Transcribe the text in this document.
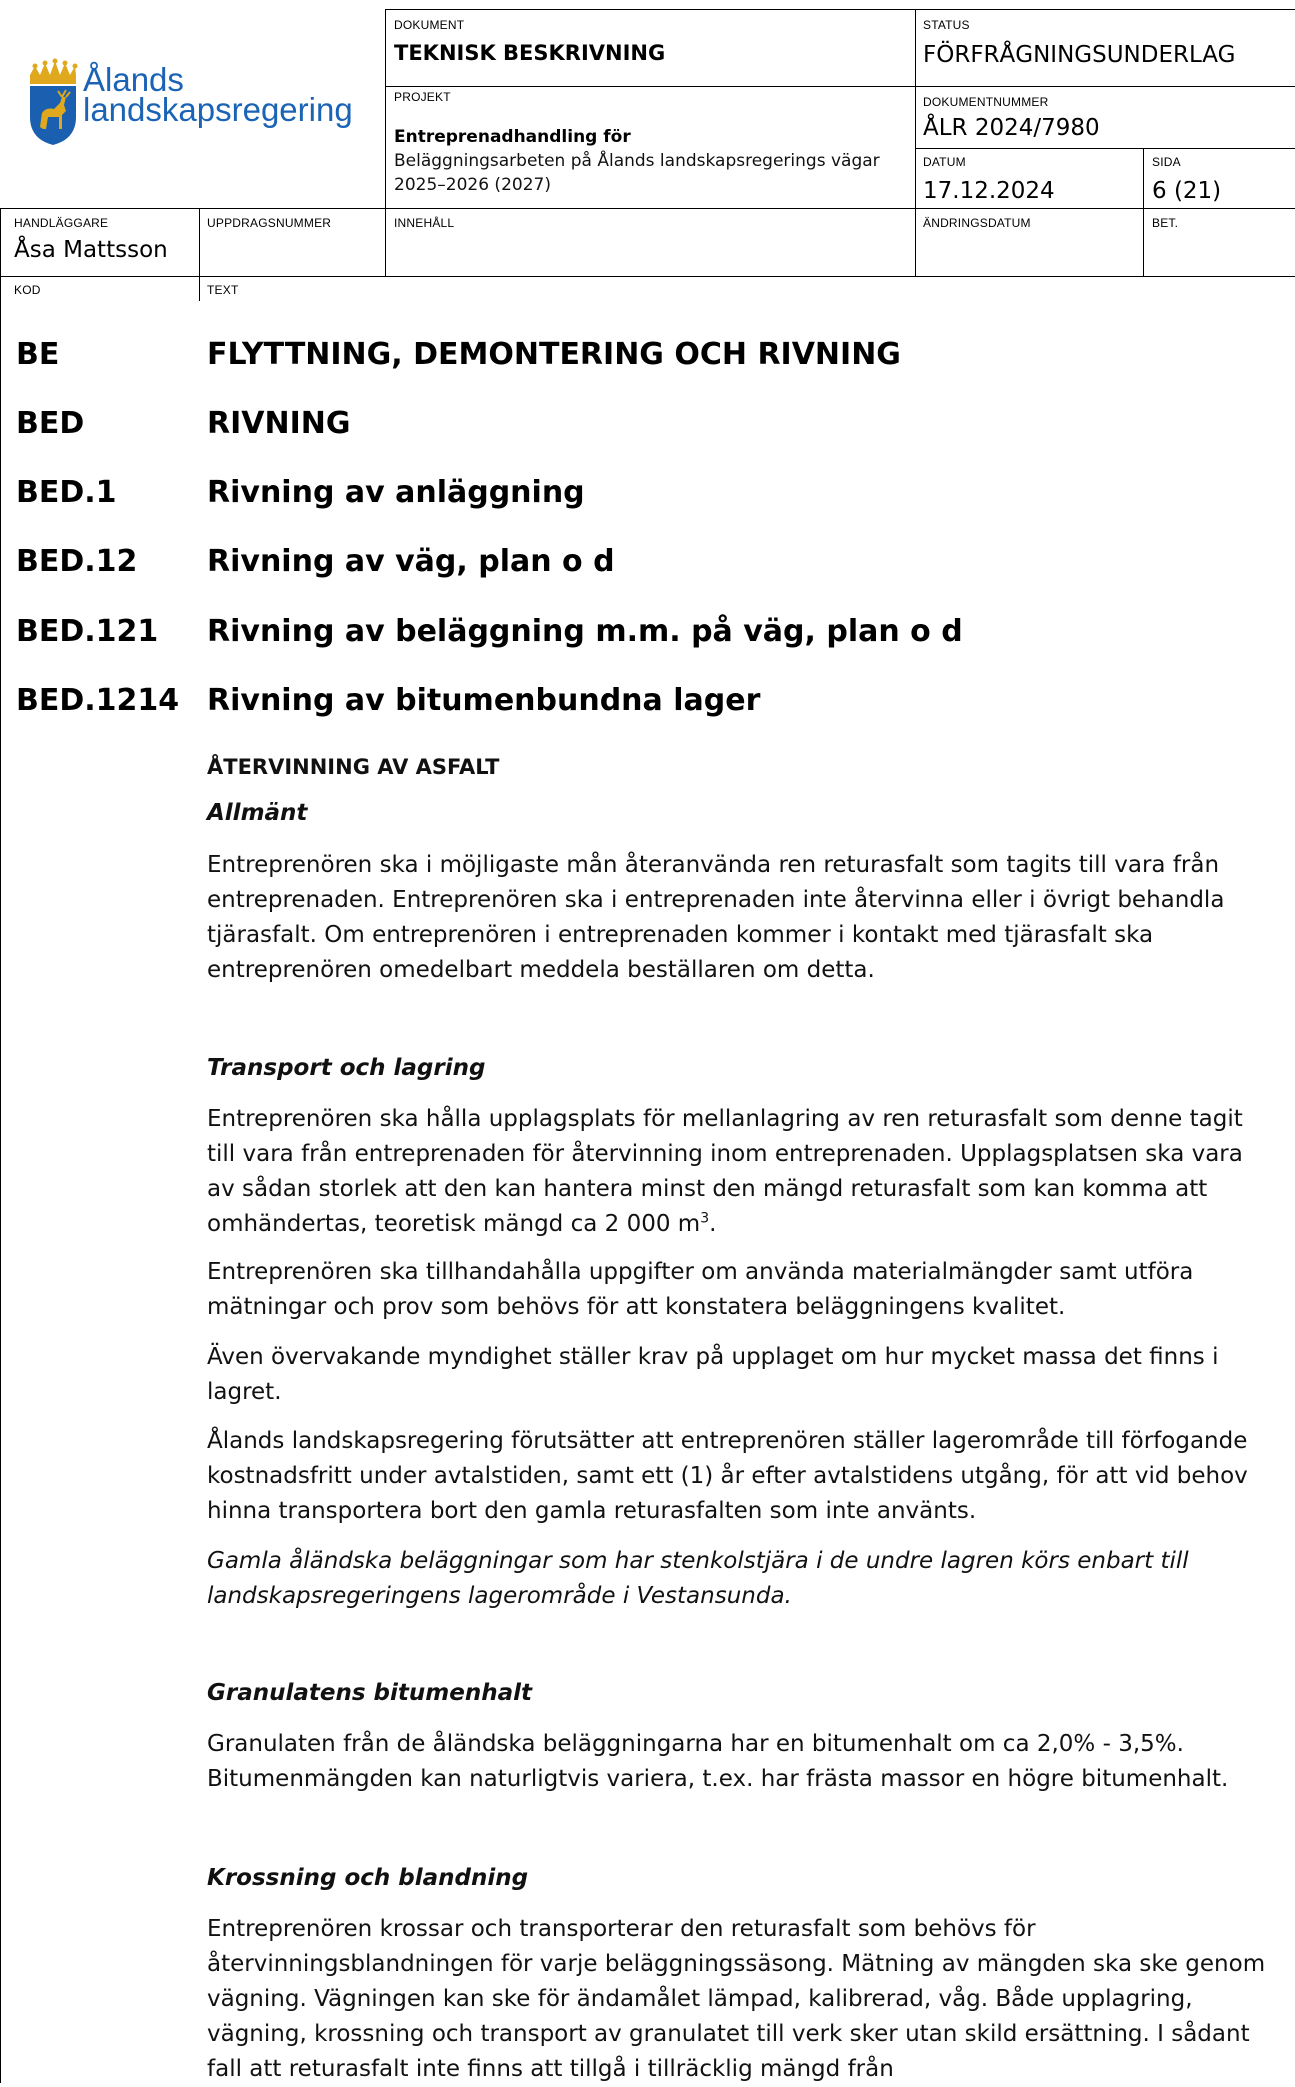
Ålands
landskapsregering
DOKUMENT
TEKNISK BESKRIVNING
STATUS
FÖRFRÅGNINGSUNDERLAG
PROJEKT
Entreprenadhandling för
Beläggningsarbeten på Ålands landskapsregerings vägar 2025–2026 (2027)
DOKUMENTNUMMER
ÅLR 2024/7980
DATUM
17.12.2024
SIDA
6 (21)
HANDLÄGGARE
Åsa Mattsson
UPPDRAGSNUMMER	INNEHÅLL	ÄNDRINGSDATUM	BET.
KOD	TEXT
BE	FLYTTNING, DEMONTERING OCH RIVNING
BED	RIVNING
BED.1	Rivning av anläggning
BED.12 Rivning av väg, plan o d
BED.121 Rivning av beläggning m.m. på väg, plan o d
BED.1214 Rivning av bitumenbundna lager
ÅTERVINNING AV ASFALT
Allmänt

Entreprenören ska i möjligaste mån återanvända ren returasfalt som tagits till vara från entreprenaden. Entreprenören ska i entreprenaden inte återvinna eller i övrigt behandla tjärasfalt. Om entreprenören i entreprenaden kommer i kontakt med tjärasfalt ska entreprenören omedelbart meddela beställaren om detta.

Transport och lagring

Entreprenören ska hålla upplagsplats för mellanlagring av ren returasfalt som denne tagit till vara från entreprenaden för återvinning inom entreprenaden. Upplagsplatsen ska vara av sådan storlek att den kan hantera minst den mängd returasfalt som kan komma att omhändertas, teoretisk mängd ca 2 000 $m^3$.

Entreprenören ska tillhandahålla uppgifter om använda materialmängder samt utföra mätningar och prov som behövs för att konstatera beläggningens kvalitet.

Även övervakande myndighet ställer krav på upplaget om hur mycket massa det finns i lagret.

Ålands landskapsregering förutsätter att entreprenören ställer lagerområde till förfogande kostnadsfritt under avtalstiden, samt ett (1) år efter avtalstidens utgång, för att vid behov hinna transportera bort den gamla returasfalten som inte använts.

Gamla åländska beläggningar som har stenkolstjära i de undre lagren körs enbart till landskapsregeringens lagerområde i Vestansunda.

Granulatens bitumenhalt

Granulaten från de åländska beläggningarna har en bitumenhalt om ca 2,0% - 3,5%. Bitumenmängden kan naturligtvis variera, t.ex. har frästa massor en högre bitumenhalt.

Krossning och blandning

Entreprenören krossar och transporterar den returasfalt som behövs för återvinningsblandningen för varje beläggningssäsong. Mätning av mängden ska ske genom vägning. Vägningen kan ske för ändamålet lämpad, kalibrerad, våg. Både upplagring, vägning, krossning och transport av granulatet till verk sker utan skild ersättning. I sådant fall att returasfalt inte finns att tillgå i tillräcklig mängd från
